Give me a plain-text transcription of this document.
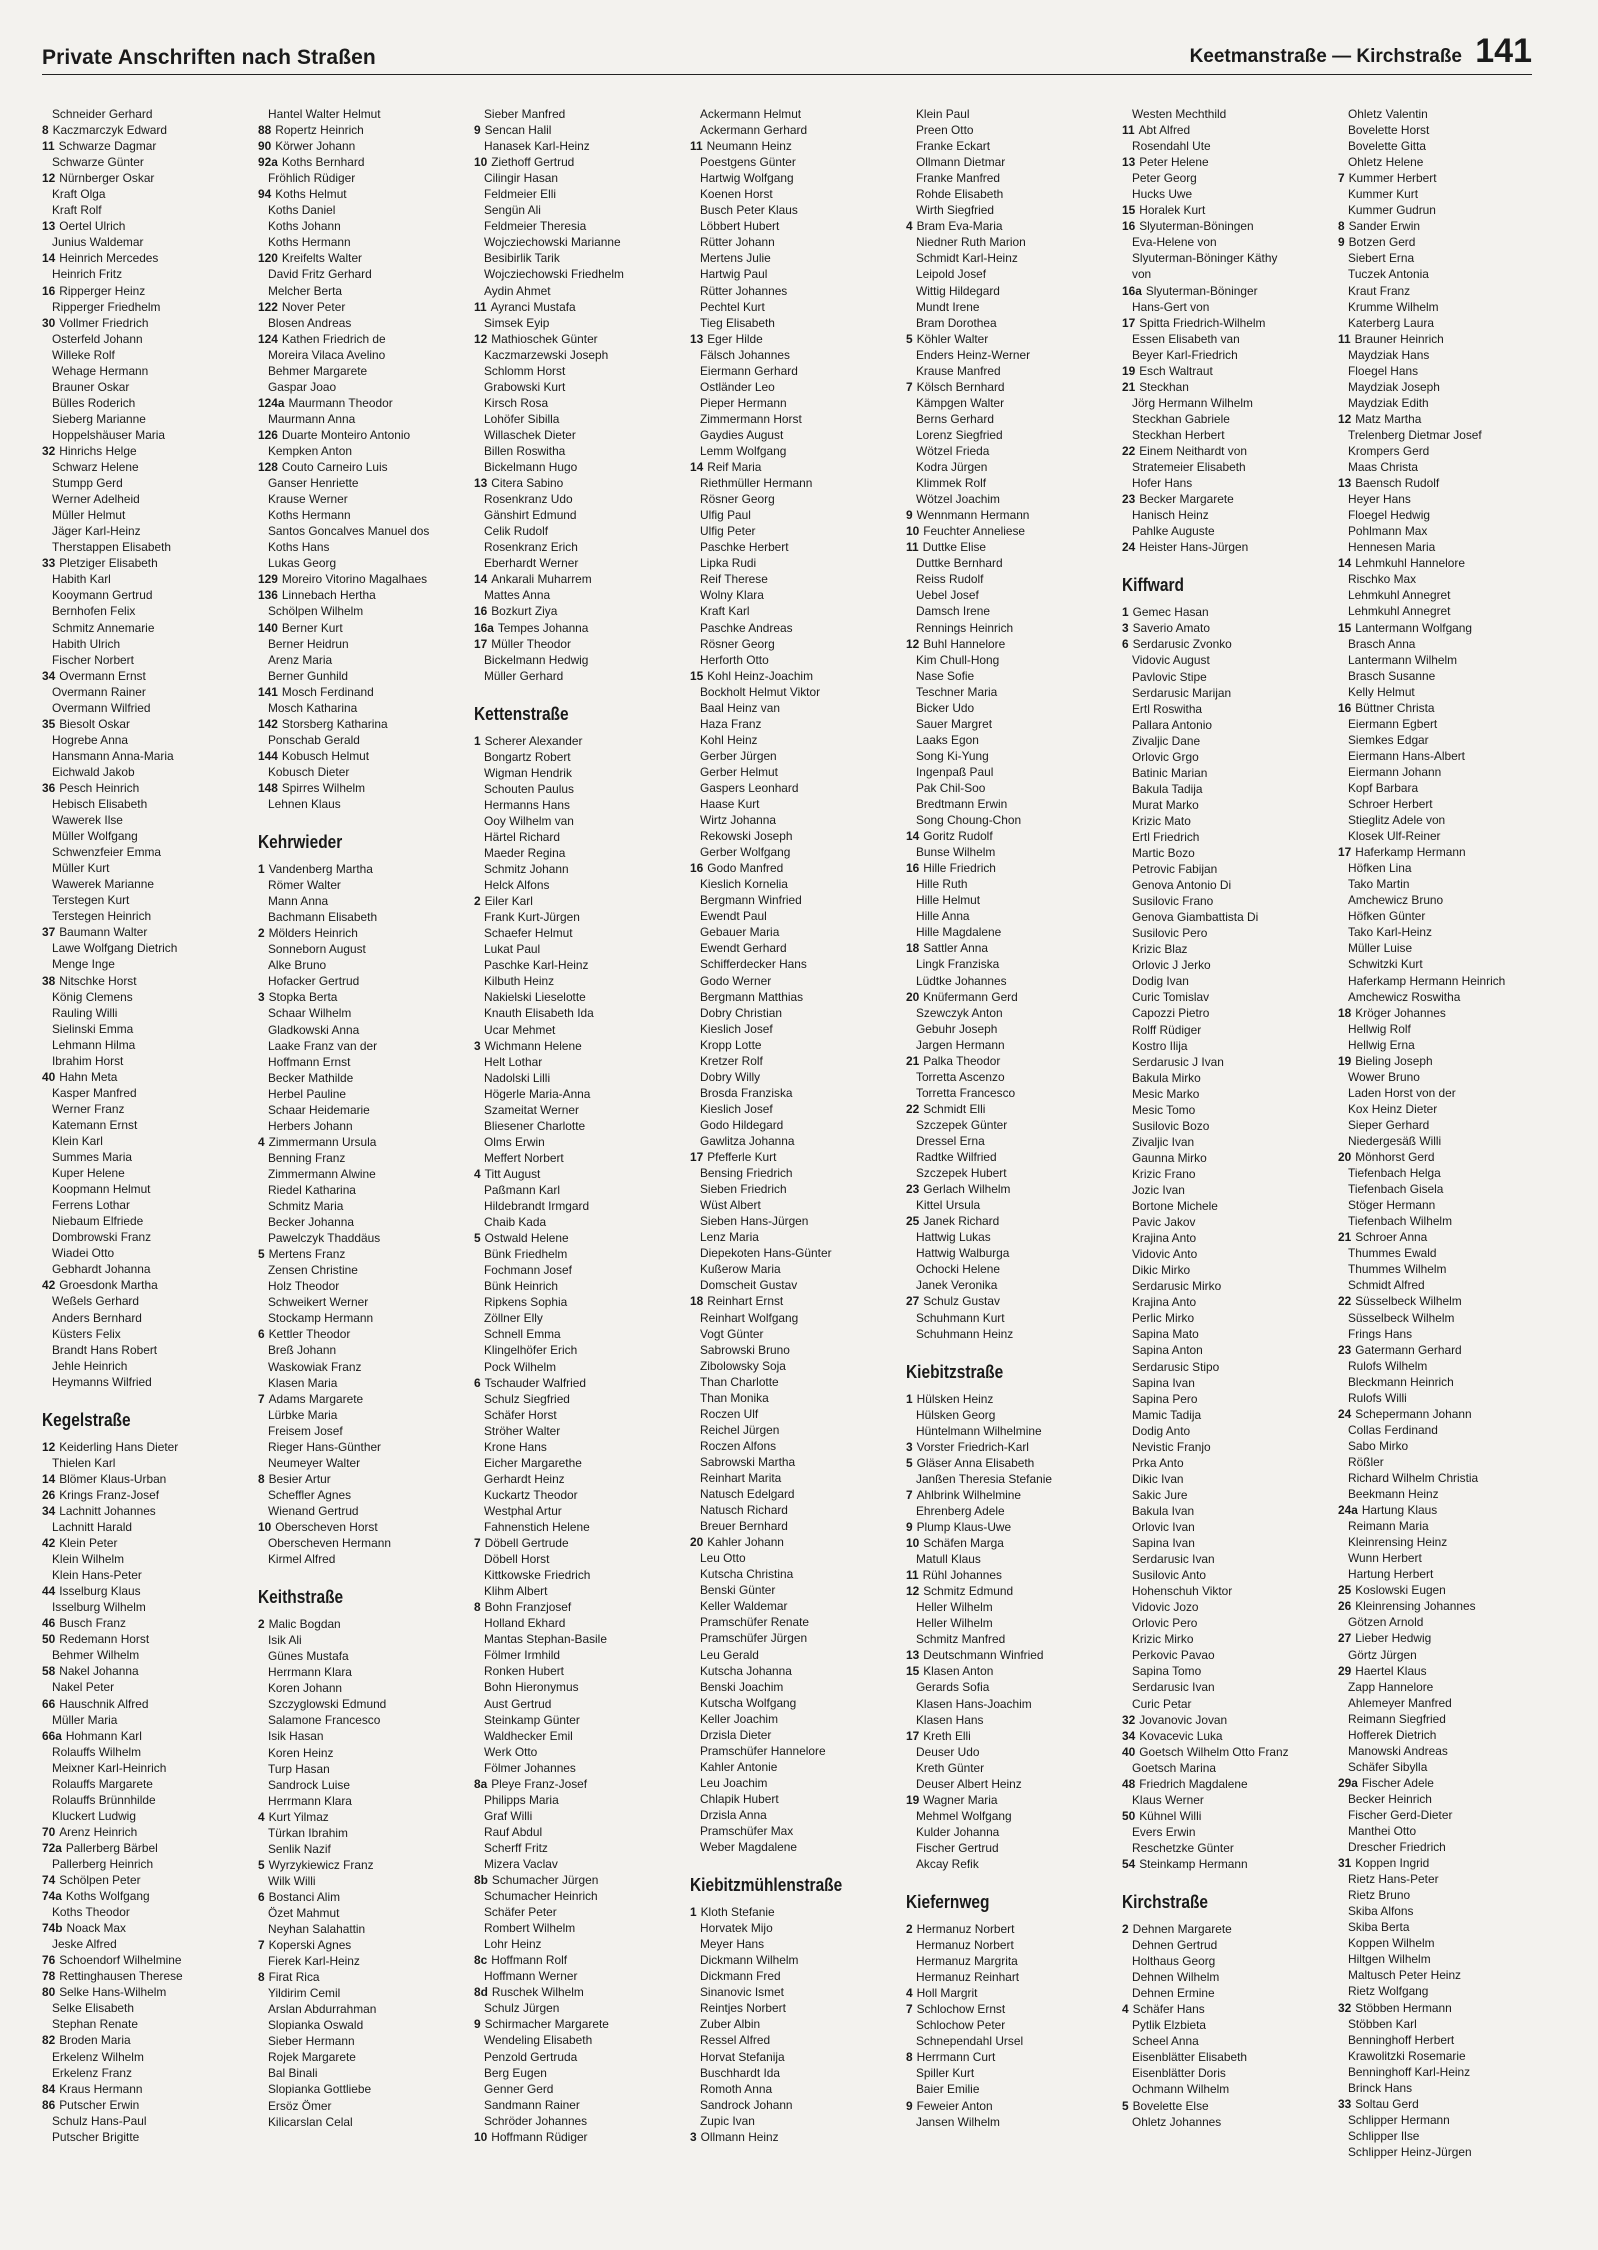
Private Anschriften nach Straßen	Keetmanstraße — Kirchstraße 141
Schneider Gerhard
8 Kaczmarczyk Edward
11 Schwarze Dagmar
Schwarze Günter
12 Nürnberger Oskar
Kraft Olga
Kraft Rolf
13 Oertel Ulrich
Junius Waldemar
14 Heinrich Mercedes
Heinrich Fritz
16 Ripperger Heinz
Ripperger Friedhelm
30 Vollmer Friedrich
Osterfeld Johann
Willeke Rolf
Wehage Hermann
Brauner Oskar
Bülles Roderich
Sieberg Marianne
Hoppelshäuser Maria
32 Hinrichs Helge
Schwarz Helene
Stumpp Gerd
Werner Adelheid
Müller Helmut
Jäger Karl-Heinz
Therstappen Elisabeth
33 Pletziger Elisabeth
Habith Karl
Kooymann Gertrud
Bernhofen Felix
Schmitz Annemarie
Habith Ulrich
Fischer Norbert
34 Overmann Ernst
Overmann Rainer
Overmann Wilfried
35 Biesolt Oskar
Hogrebe Anna
Hansmann Anna-Maria
Eichwald Jakob
36 Pesch Heinrich
Hebisch Elisabeth
Wawerek Ilse
Müller Wolfgang
Schwenzfeier Emma
Müller Kurt
Wawerek Marianne
Terstegen Kurt
Terstegen Heinrich
37 Baumann Walter
Lawe Wolfgang Dietrich
Menge Inge
38 Nitschke Horst
König Clemens
Rauling Willi
Sielinski Emma
Lehmann Hilma
Ibrahim Horst
40 Hahn Meta
Kasper Manfred
Werner Franz
Katemann Ernst
Klein Karl
Summes Maria
Kuper Helene
Koopmann Helmut
Ferrens Lothar
Niebaum Elfriede
Dombrowski Franz
Wiadei Otto
Gebhardt Johanna
42 Groesdonk Martha
Weßels Gerhard
Anders Bernhard
Küsters Felix
Brandt Hans Robert
Jehle Heinrich
Heymanns Wilfried
Kegelstraße
12 Keiderling Hans Dieter
Thielen Karl
14 Blömer Klaus-Urban
26 Krings Franz-Josef
34 Lachnitt Johannes
Lachnitt Harald
42 Klein Peter
Klein Wilhelm
Klein Hans-Peter
44 Isselburg Klaus
Isselburg Wilhelm
46 Busch Franz
50 Redemann Horst
Behmer Wilhelm
58 Nakel Johanna
Nakel Peter
66 Hauschnik Alfred
Müller Maria
66a Hohmann Karl
Rolauffs Wilhelm
Meixner Karl-Heinrich
Rolauffs Margarete
Rolauffs Brünnhilde
Kluckert Ludwig
70 Arenz Heinrich
72a Pallerberg Bärbel
Pallerberg Heinrich
74 Schölpen Peter
74a Koths Wolfgang
Koths Theodor
74b Noack Max
Jeske Alfred
76 Schoendorf Wilhelmine
78 Rettinghausen Therese
80 Selke Hans-Wilhelm
Selke Elisabeth
Stephan Renate
82 Broden Maria
Erkelenz Wilhelm
Erkelenz Franz
84 Kraus Hermann
86 Putscher Erwin
Schulz Hans-Paul
Putscher Brigitte
Hantel Walter Helmut
88 Ropertz Heinrich
90 Körwer Johann
92a Koths Bernhard
Fröhlich Rüdiger
94 Koths Helmut
Koths Daniel
Koths Johann
Koths Hermann
120 Kreifelts Walter
David Fritz Gerhard
Melcher Berta
122 Nover Peter
Blosen Andreas
124 Kathen Friedrich de
Moreira Vilaca Avelino
Behmer Margarete
Gaspar Joao
124a Maurmann Theodor
Maurmann Anna
126 Duarte Monteiro Antonio
Kempken Anton
128 Couto Carneiro Luis
Ganser Henriette
Krause Werner
Koths Hermann
Santos Goncalves Manuel dos
Koths Hans
Lukas Georg
129 Moreiro Vitorino Magalhaes
136 Linnebach Hertha
Schölpen Wilhelm
140 Berner Kurt
Berner Heidrun
Arenz Maria
Berner Gunhild
141 Mosch Ferdinand
Mosch Katharina
142 Storsberg Katharina
Ponschab Gerald
144 Kobusch Helmut
Kobusch Dieter
148 Spirres Wilhelm
Lehnen Klaus
Kehrwieder
1 Vandenberg Martha
Römer Walter
Mann Anna
Bachmann Elisabeth
2 Mölders Heinrich
Sonneborn August
Alke Bruno
Hofacker Gertrud
3 Stopka Berta
Schaar Wilhelm
Gladkowski Anna
Laake Franz van der
Hoffmann Ernst
Becker Mathilde
Herbel Pauline
Schaar Heidemarie
Herbers Johann
4 Zimmermann Ursula
Benning Franz
Zimmermann Alwine
Riedel Katharina
Schmitz Maria
Becker Johanna
Pawelczyk Thaddäus
5 Mertens Franz
Zensen Christine
Holz Theodor
Schweikert Werner
Stockamp Hermann
6 Kettler Theodor
Breß Johann
Waskowiak Franz
Klasen Maria
7 Adams Margarete
Lürbke Maria
Freisem Josef
Rieger Hans-Günther
Neumeyer Walter
8 Besier Artur
Scheffler Agnes
Wienand Gertrud
10 Oberscheven Horst
Oberscheven Hermann
Kirmel Alfred
Keithstraße
2 Malic Bogdan
Isik Ali
Günes Mustafa
Herrmann Klara
Koren Johann
Szczyglowski Edmund
Salamone Francesco
Isik Hasan
Koren Heinz
Turp Hasan
Sandrock Luise
Herrmann Klara
4 Kurt Yilmaz
Türkan Ibrahim
Senlik Nazif
5 Wyrzykiewicz Franz
Wilk Willi
6 Bostanci Alim
Özet Mahmut
Neyhan Salahattin
7 Koperski Agnes
Fierek Karl-Heinz
8 Firat Rica
Yildirim Cemil
Arslan Abdurrahman
Slopianka Oswald
Sieber Hermann
Rojek Margarete
Bal Binali
Slopianka Gottliebe
Ersöz Ömer
Kilicarslan Celal
Sieber Manfred
9 Sencan Halil
Hanasek Karl-Heinz
10 Ziethoff Gertrud
Cilingir Hasan
Feldmeier Elli
Sengün Ali
Feldmeier Theresia
Wojcziechowski Marianne
Besibirlik Tarik
Wojcziechowski Friedhelm
Aydin Ahmet
11 Ayranci Mustafa
Simsek Eyip
12 Mathioschek Günter
Kaczmarzewski Joseph
Schlomm Horst
Grabowski Kurt
Kirsch Rosa
Lohöfer Sibilla
Willaschek Dieter
Billen Roswitha
Bickelmann Hugo
13 Citera Sabino
Rosenkranz Udo
Gänshirt Edmund
Celik Rudolf
Rosenkranz Erich
Eberhardt Werner
14 Ankarali Muharrem
Mattes Anna
16 Bozkurt Ziya
16a Tempes Johanna
17 Müller Theodor
Bickelmann Hedwig
Müller Gerhard
Kettenstraße
1 Scherer Alexander
Bongartz Robert
Wigman Hendrik
Schouten Paulus
Hermanns Hans
Ooy Wilhelm van
Härtel Richard
Maeder Regina
Schmitz Johann
Helck Alfons
2 Eiler Karl
Frank Kurt-Jürgen
Schaefer Helmut
Lukat Paul
Paschke Karl-Heinz
Kilbuth Heinz
Nakielski Lieselotte
Knauth Elisabeth Ida
Ucar Mehmet
3 Wichmann Helene
Helt Lothar
Nadolski Lilli
Högerle Maria-Anna
Szameitat Werner
Bliesener Charlotte
Olms Erwin
Meffert Norbert
4 Titt August
Paßmann Karl
Hildebrandt Irmgard
Chaib Kada
5 Ostwald Helene
Bünk Friedhelm
Fochmann Josef
Bünk Heinrich
Ripkens Sophia
Zöllner Elly
Schnell Emma
Klingelhöfer Erich
Pock Wilhelm
6 Tschauder Walfried
Schulz Siegfried
Schäfer Horst
Ströher Walter
Krone Hans
Eicher Margarethe
Gerhardt Heinz
Kuckartz Theodor
Westphal Artur
Fahnenstich Helene
7 Döbell Gertrude
Döbell Horst
Kittkowske Friedrich
Klihm Albert
8 Bohn Franzjosef
Holland Ekhard
Mantas Stephan-Basile
Fölmer Irmhild
Ronken Hubert
Bohn Hieronymus
Aust Gertrud
Steinkamp Günter
Waldhecker Emil
Werk Otto
Fölmer Johannes
8a Pleye Franz-Josef
Philipps Maria
Graf Willi
Rauf Abdul
Scherff Fritz
Mizera Vaclav
8b Schumacher Jürgen
Schumacher Heinrich
Schäfer Peter
Rombert Wilhelm
Lohr Heinz
8c Hoffmann Rolf
Hoffmann Werner
8d Ruschek Wilhelm
Schulz Jürgen
9 Schirmacher Margarete
Wendeling Elisabeth
Penzold Gertruda
Berg Eugen
Genner Gerd
Sandmann Rainer
Schröder Johannes
10 Hoffmann Rüdiger
Ackermann Helmut
Ackermann Gerhard
11 Neumann Heinz
Poestgens Günter
Hartwig Wolfgang
Koenen Horst
Busch Peter Klaus
Löbbert Hubert
Rütter Johann
Mertens Julie
Hartwig Paul
Rütter Johannes
Pechtel Kurt
Tieg Elisabeth
13 Eger Hilde
Fälsch Johannes
Eiermann Gerhard
Ostländer Leo
Pieper Hermann
Zimmermann Horst
Gaydies August
Lemm Wolfgang
14 Reif Maria
Riethmüller Hermann
Rösner Georg
Ulfig Paul
Ulfig Peter
Paschke Herbert
Lipka Rudi
Reif Therese
Wolny Klara
Kraft Karl
Paschke Andreas
Rösner Georg
Herforth Otto
15 Kohl Heinz-Joachim
Bockholt Helmut Viktor
Baal Heinz van
Haza Franz
Kohl Heinz
Gerber Jürgen
Gerber Helmut
Gaspers Leonhard
Haase Kurt
Wirtz Johanna
Rekowski Joseph
Gerber Wolfgang
16 Godo Manfred
Kieslich Kornelia
Bergmann Winfried
Ewendt Paul
Gebauer Maria
Ewendt Gerhard
Schifferdecker Hans
Godo Werner
Bergmann Matthias
Dobry Christian
Kieslich Josef
Kropp Lotte
Kretzer Rolf
Dobry Willy
Brosda Franziska
Kieslich Josef
Godo Hildegard
Gawlitza Johanna
17 Pfefferle Kurt
Bensing Friedrich
Sieben Friedrich
Wüst Albert
Sieben Hans-Jürgen
Lenz Maria
Diepekoten Hans-Günter
Kußerow Maria
Domscheit Gustav
18 Reinhart Ernst
Reinhart Wolfgang
Vogt Günter
Sabrowski Bruno
Zibolowsky Soja
Than Charlotte
Than Monika
Roczen Ulf
Reichel Jürgen
Roczen Alfons
Sabrowski Martha
Reinhart Marita
Natusch Edelgard
Natusch Richard
Breuer Bernhard
20 Kahler Johann
Leu Otto
Kutscha Christina
Benski Günter
Keller Waldemar
Pramschüfer Renate
Pramschüfer Jürgen
Leu Gerald
Kutscha Johanna
Benski Joachim
Kutscha Wolfgang
Keller Joachim
Drzisla Dieter
Pramschüfer Hannelore
Kahler Antonie
Leu Joachim
Chlapik Hubert
Drzisla Anna
Pramschüfer Max
Weber Magdalene
Kiebitzmühlenstraße
1 Kloth Stefanie
Horvatek Mijo
Meyer Hans
Dickmann Wilhelm
Dickmann Fred
Sinanovic Ismet
Reintjes Norbert
Zuber Albin
Ressel Alfred
Horvat Stefanija
Buschhardt Ida
Romoth Anna
Sandrock Johann
Zupic Ivan
3 Ollmann Heinz
Klein Paul
Preen Otto
Franke Eckart
Ollmann Dietmar
Franke Manfred
Rohde Elisabeth
Wirth Siegfried
4 Bram Eva-Maria
Niedner Ruth Marion
Schmidt Karl-Heinz
Leipold Josef
Wittig Hildegard
Mundt Irene
Bram Dorothea
5 Köhler Walter
Enders Heinz-Werner
Krause Manfred
7 Kölsch Bernhard
Kämpgen Walter
Berns Gerhard
Lorenz Siegfried
Wötzel Frieda
Kodra Jürgen
Klimmek Rolf
Wötzel Joachim
9 Wennmann Hermann
10 Feuchter Anneliese
11 Duttke Elise
Duttke Bernhard
Reiss Rudolf
Uebel Josef
Damsch Irene
Rennings Heinrich
12 Buhl Hannelore
Kim Chull-Hong
Nase Sofie
Teschner Maria
Bicker Udo
Sauer Margret
Laaks Egon
Song Ki-Yung
Ingenpaß Paul
Pak Chil-Soo
Bredtmann Erwin
Song Choung-Chon
14 Goritz Rudolf
Bunse Wilhelm
16 Hille Friedrich
Hille Ruth
Hille Helmut
Hille Anna
Hille Magdalene
18 Sattler Anna
Lingk Franziska
Lüdtke Johannes
20 Knüfermann Gerd
Szewczyk Anton
Gebuhr Joseph
Jargen Hermann
21 Palka Theodor
Torretta Ascenzo
Torretta Francesco
22 Schmidt Elli
Szczepek Günter
Dressel Erna
Radtke Wilfried
Szczepek Hubert
23 Gerlach Wilhelm
Kittel Ursula
25 Janek Richard
Hattwig Lukas
Hattwig Walburga
Ochocki Helene
Janek Veronika
27 Schulz Gustav
Schuhmann Kurt
Schuhmann Heinz
Kiebitzstraße
1 Hülsken Heinz
Hülsken Georg
Hüntelmann Wilhelmine
3 Vorster Friedrich-Karl
5 Gläser Anna Elisabeth
Janßen Theresia Stefanie
7 Ahlbrink Wilhelmine
Ehrenberg Adele
9 Plump Klaus-Uwe
10 Schäfen Marga
Matull Klaus
11 Rühl Johannes
12 Schmitz Edmund
Heller Wilhelm
Heller Wilhelm
Schmitz Manfred
13 Deutschmann Winfried
15 Klasen Anton
Gerards Sofia
Klasen Hans-Joachim
Klasen Hans
17 Kreth Elli
Deuser Udo
Kreth Günter
Deuser Albert Heinz
19 Wagner Maria
Mehmel Wolfgang
Kulder Johanna
Fischer Gertrud
Akcay Refik
Kiefernweg
2 Hermanuz Norbert
Hermanuz Norbert
Hermanuz Margrita
Hermanuz Reinhart
4 Holl Margrit
7 Schlochow Ernst
Schlochow Peter
Schnependahl Ursel
8 Herrmann Curt
Spiller Kurt
Baier Emilie
9 Feweier Anton
Jansen Wilhelm
Westen Mechthild
11 Abt Alfred
Rosendahl Ute
13 Peter Helene
Peter Georg
Hucks Uwe
15 Horalek Kurt
16 Slyuterman-Böningen
Eva-Helene von
Slyuterman-Böninger Käthy
von
16a Slyuterman-Böninger
Hans-Gert von
17 Spitta Friedrich-Wilhelm
Essen Elisabeth van
Beyer Karl-Friedrich
19 Esch Waltraut
21 Steckhan
Jörg Hermann Wilhelm
Steckhan Gabriele
Steckhan Herbert
22 Einem Neithardt von
Stratemeier Elisabeth
Hofer Hans
23 Becker Margarete
Hanisch Heinz
Pahlke Auguste
24 Heister Hans-Jürgen
Kiffward
1 Gemec Hasan
3 Saverio Amato
6 Serdarusic Zvonko
Vidovic August
Pavlovic Stipe
Serdarusic Marijan
Ertl Roswitha
Pallara Antonio
Zivaljic Dane
Orlovic Grgo
Batinic Marian
Bakula Tadija
Murat Marko
Krizic Mato
Ertl Friedrich
Martic Bozo
Petrovic Fabijan
Genova Antonio Di
Susilovic Frano
Genova Giambattista Di
Susilovic Pero
Krizic Blaz
Orlovic J Jerko
Dodig Ivan
Curic Tomislav
Capozzi Pietro
Rolff Rüdiger
Kostro Ilija
Serdarusic J Ivan
Bakula Mirko
Mesic Marko
Mesic Tomo
Susilovic Bozo
Zivaljic Ivan
Gaunna Mirko
Krizic Frano
Jozic Ivan
Bortone Michele
Pavic Jakov
Krajina Anto
Vidovic Anto
Dikic Mirko
Serdarusic Mirko
Krajina Anto
Perlic Mirko
Sapina Mato
Sapina Anton
Serdarusic Stipo
Sapina Ivan
Sapina Pero
Mamic Tadija
Dodig Anto
Nevistic Franjo
Prka Anto
Dikic Ivan
Sakic Jure
Bakula Ivan
Orlovic Ivan
Sapina Ivan
Serdarusic Ivan
Susilovic Anto
Hohenschuh Viktor
Vidovic Jozo
Orlovic Pero
Krizic Mirko
Perkovic Pavao
Sapina Tomo
Serdarusic Ivan
Curic Petar
32 Jovanovic Jovan
34 Kovacevic Luka
40 Goetsch Wilhelm Otto Franz
Goetsch Marina
48 Friedrich Magdalene
Klaus Werner
50 Kühnel Willi
Evers Erwin
Reschetzke Günter
54 Steinkamp Hermann
Kirchstraße
2 Dehnen Margarete
Dehnen Gertrud
Holthaus Georg
Dehnen Wilhelm
Dehnen Ermine
4 Schäfer Hans
Pytlik Elzbieta
Scheel Anna
Eisenblätter Elisabeth
Eisenblätter Doris
Ochmann Wilhelm
5 Bovelette Else
Ohletz Johannes
Ohletz Valentin
Bovelette Horst
Bovelette Gitta
Ohletz Helene
7 Kummer Herbert
Kummer Kurt
Kummer Gudrun
8 Sander Erwin
9 Botzen Gerd
Siebert Erna
Tuczek Antonia
Kraut Franz
Krumme Wilhelm
Katerberg Laura
11 Brauner Heinrich
Maydziak Hans
Floegel Hans
Maydziak Joseph
Maydziak Edith
12 Matz Martha
Trelenberg Dietmar Josef
Krompers Gerd
Maas Christa
13 Baensch Rudolf
Heyer Hans
Floegel Hedwig
Pohlmann Max
Hennesen Maria
14 Lehmkuhl Hannelore
Rischko Max
Lehmkuhl Annegret
Lehmkuhl Annegret
15 Lantermann Wolfgang
Brasch Anna
Lantermann Wilhelm
Brasch Susanne
Kelly Helmut
16 Büttner Christa
Eiermann Egbert
Siemkes Edgar
Eiermann Hans-Albert
Eiermann Johann
Kopf Barbara
Schroer Herbert
Stieglitz Adele von
Klosek Ulf-Reiner
17 Haferkamp Hermann
Höfken Lina
Tako Martin
Amchewicz Bruno
Höfken Günter
Tako Karl-Heinz
Müller Luise
Schwitzki Kurt
Haferkamp Hermann Heinrich
Amchewicz Roswitha
18 Kröger Johannes
Hellwig Rolf
Hellwig Erna
19 Bieling Joseph
Wower Bruno
Laden Horst von der
Kox Heinz Dieter
Sieper Gerhard
Niedergesäß Willi
20 Mönhorst Gerd
Tiefenbach Helga
Tiefenbach Gisela
Stöger Hermann
Tiefenbach Wilhelm
21 Schroer Anna
Thummes Ewald
Thummes Wilhelm
Schmidt Alfred
22 Süsselbeck Wilhelm
Süsselbeck Wilhelm
Frings Hans
23 Gatermann Gerhard
Rulofs Wilhelm
Bleckmann Heinrich
Rulofs Willi
24 Schepermann Johann
Collas Ferdinand
Sabo Mirko
Rößler
Richard Wilhelm Christia
Beekmann Heinz
24a Hartung Klaus
Reimann Maria
Kleinrensing Heinz
Wunn Herbert
Hartung Herbert
25 Koslowski Eugen
26 Kleinrensing Johannes
Götzen Arnold
27 Lieber Hedwig
Görtz Jürgen
29 Haertel Klaus
Zapp Hannelore
Ahlemeyer Manfred
Reimann Siegfried
Hofferek Dietrich
Manowski Andreas
Schäfer Sibylla
29a Fischer Adele
Becker Heinrich
Fischer Gerd-Dieter
Manthei Otto
Drescher Friedrich
31 Koppen Ingrid
Rietz Hans-Peter
Rietz Bruno
Skiba Alfons
Skiba Berta
Koppen Wilhelm
Hiltgen Wilhelm
Maltusch Peter Heinz
Rietz Wolfgang
32 Stöbben Hermann
Stöbben Karl
Benninghoff Herbert
Krawolitzki Rosemarie
Benninghoff Karl-Heinz
Brinck Hans
33 Soltau Gerd
Schlipper Hermann
Schlipper Ilse
Schlipper Heinz-Jürgen
